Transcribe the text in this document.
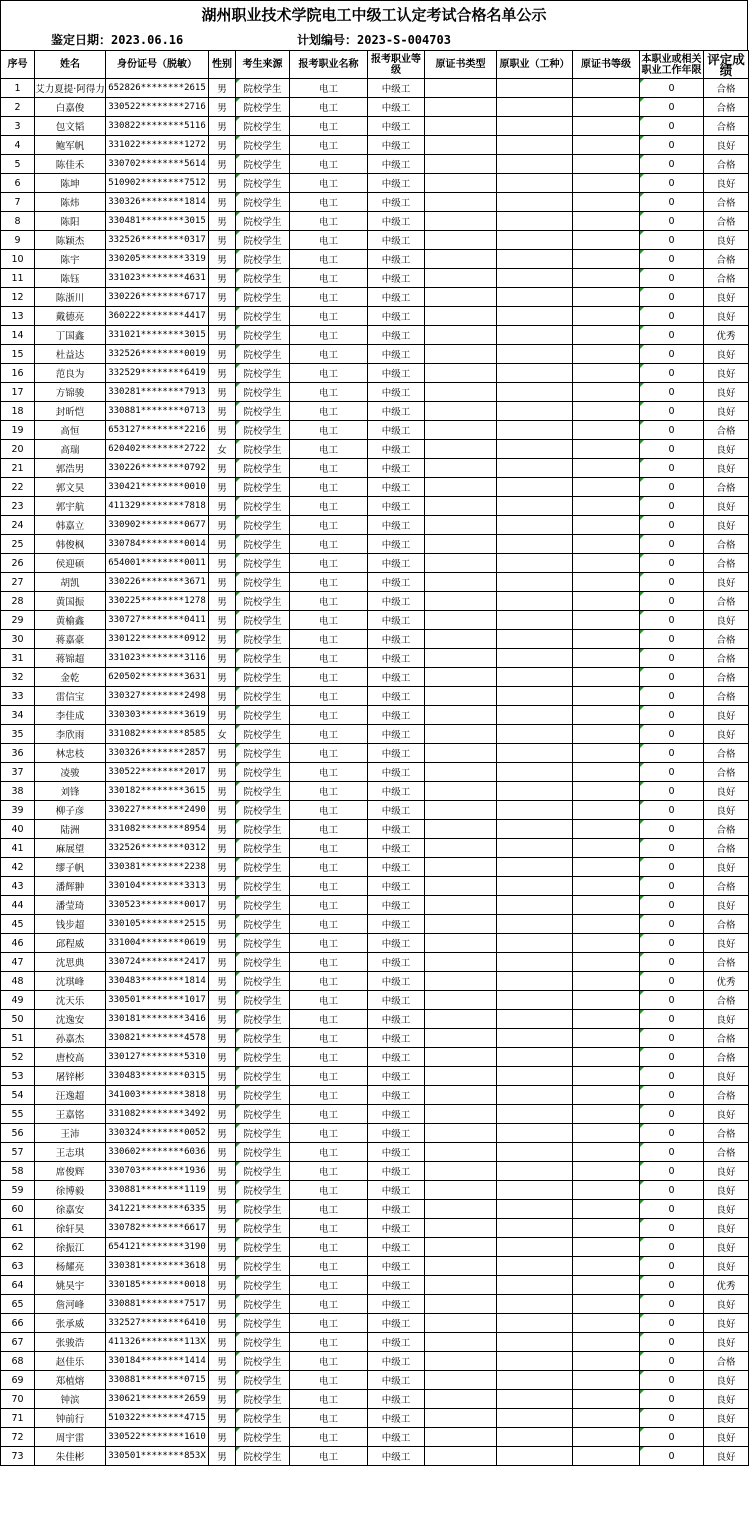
湖州职业技术学院电工中级工认定考试合格名单公示
鉴定日期：2023.06.16	计划编号：2023-S-004703
序号	姓名	身份证号（脱敏）	性别	考生来源	报考职业名称	报考职业等级	原证书类型	原职业（工种）	原证书等级	本职业或相关职业工作年限	评定成绩
1	艾力夏提·阿得力	652826********2615	男	院校学生	电工	中级工				0	合格
2	白嘉俊	330522********2716	男	院校学生	电工	中级工				0	合格
3	包文韬	330822********5116	男	院校学生	电工	中级工				0	合格
4	鲍军帆	331022********1272	男	院校学生	电工	中级工				0	良好
5	陈佳禾	330702********5614	男	院校学生	电工	中级工				0	合格
6	陈坤	510902********7512	男	院校学生	电工	中级工				0	良好
7	陈炜	330326********1814	男	院校学生	电工	中级工				0	合格
8	陈阳	330481********3015	男	院校学生	电工	中级工				0	合格
9	陈颖杰	332526********0317	男	院校学生	电工	中级工				0	良好
10	陈宇	330205********3319	男	院校学生	电工	中级工				0	合格
11	陈钰	331023********4631	男	院校学生	电工	中级工				0	合格
12	陈浙川	330226********6717	男	院校学生	电工	中级工				0	良好
13	戴德亮	360222********4417	男	院校学生	电工	中级工				0	良好
14	丁国鑫	331021********3015	男	院校学生	电工	中级工				0	优秀
15	杜益达	332526********0019	男	院校学生	电工	中级工				0	良好
16	范良为	332529********6419	男	院校学生	电工	中级工				0	良好
17	方锦骏	330281********7913	男	院校学生	电工	中级工				0	良好
18	封昕恺	330881********0713	男	院校学生	电工	中级工				0	良好
19	高恒	653127********2216	男	院校学生	电工	中级工				0	合格
20	高瑞	620402********2722	女	院校学生	电工	中级工				0	良好
21	郭浩男	330226********0792	男	院校学生	电工	中级工				0	良好
22	郭文昊	330421********0010	男	院校学生	电工	中级工				0	合格
23	郭宇航	411329********7818	男	院校学生	电工	中级工				0	良好
24	韩嘉立	330902********0677	男	院校学生	电工	中级工				0	良好
25	韩俊枫	330784********0014	男	院校学生	电工	中级工				0	合格
26	侯迎硕	654001********0011	男	院校学生	电工	中级工				0	合格
27	胡凯	330226********3671	男	院校学生	电工	中级工				0	良好
28	黄国振	330225********1278	男	院校学生	电工	中级工				0	合格
29	黄榆鑫	330727********0411	男	院校学生	电工	中级工				0	良好
30	蒋嘉豪	330122********0912	男	院校学生	电工	中级工				0	合格
31	蒋锦超	331023********3116	男	院校学生	电工	中级工				0	合格
32	金乾	620502********3631	男	院校学生	电工	中级工				0	合格
33	雷信宝	330327********2498	男	院校学生	电工	中级工				0	合格
34	李佳成	330303********3619	男	院校学生	电工	中级工				0	良好
35	李欣雨	331082********8585	女	院校学生	电工	中级工				0	良好
36	林忠枝	330326********2857	男	院校学生	电工	中级工				0	合格
37	凌骏	330522********2017	男	院校学生	电工	中级工				0	合格
38	刘锋	330182********3615	男	院校学生	电工	中级工				0	良好
39	柳子彦	330227********2490	男	院校学生	电工	中级工				0	良好
40	陆洲	331082********8954	男	院校学生	电工	中级工				0	合格
41	麻展望	332526********0312	男	院校学生	电工	中级工				0	合格
42	缪子帆	330381********2238	男	院校学生	电工	中级工				0	良好
43	潘辉翀	330104********3313	男	院校学生	电工	中级工				0	合格
44	潘莹琦	330523********0017	男	院校学生	电工	中级工				0	良好
45	钱步超	330105********2515	男	院校学生	电工	中级工				0	合格
46	邱程威	331004********0619	男	院校学生	电工	中级工				0	良好
47	沈思典	330724********2417	男	院校学生	电工	中级工				0	合格
48	沈琪峰	330483********1814	男	院校学生	电工	中级工				0	优秀
49	沈天乐	330501********1017	男	院校学生	电工	中级工				0	合格
50	沈逸安	330181********3416	男	院校学生	电工	中级工				0	良好
51	孙嘉杰	330821********4578	男	院校学生	电工	中级工				0	合格
52	唐校高	330127********5310	男	院校学生	电工	中级工				0	合格
53	屠锌彬	330483********0315	男	院校学生	电工	中级工				0	良好
54	汪逸超	341003********3818	男	院校学生	电工	中级工				0	合格
55	王嘉铭	331082********3492	男	院校学生	电工	中级工				0	良好
56	王沛	330324********0052	男	院校学生	电工	中级工				0	合格
57	王志琪	330602********6036	男	院校学生	电工	中级工				0	合格
58	席俊辉	330703********1936	男	院校学生	电工	中级工				0	良好
59	徐博毅	330881********1119	男	院校学生	电工	中级工				0	良好
60	徐嘉安	341221********6335	男	院校学生	电工	中级工				0	良好
61	徐轩昊	330782********6617	男	院校学生	电工	中级工				0	良好
62	徐振江	654121********3190	男	院校学生	电工	中级工				0	良好
63	杨耀亮	330381********3618	男	院校学生	电工	中级工				0	良好
64	姚昊宇	330185********0018	男	院校学生	电工	中级工				0	优秀
65	詹河峰	330881********7517	男	院校学生	电工	中级工				0	良好
66	张承威	332527********6410	男	院校学生	电工	中级工				0	良好
67	张骏浩	411326********113X	男	院校学生	电工	中级工				0	良好
68	赵佳乐	330184********1414	男	院校学生	电工	中级工				0	合格
69	郑植熔	330881********0715	男	院校学生	电工	中级工				0	良好
70	钟滨	330621********2659	男	院校学生	电工	中级工				0	良好
71	钟前行	510322********4715	男	院校学生	电工	中级工				0	良好
72	周宇雷	330522********1610	男	院校学生	电工	中级工				0	良好
73	朱佳彬	330501********853X	男	院校学生	电工	中级工				0	良好
